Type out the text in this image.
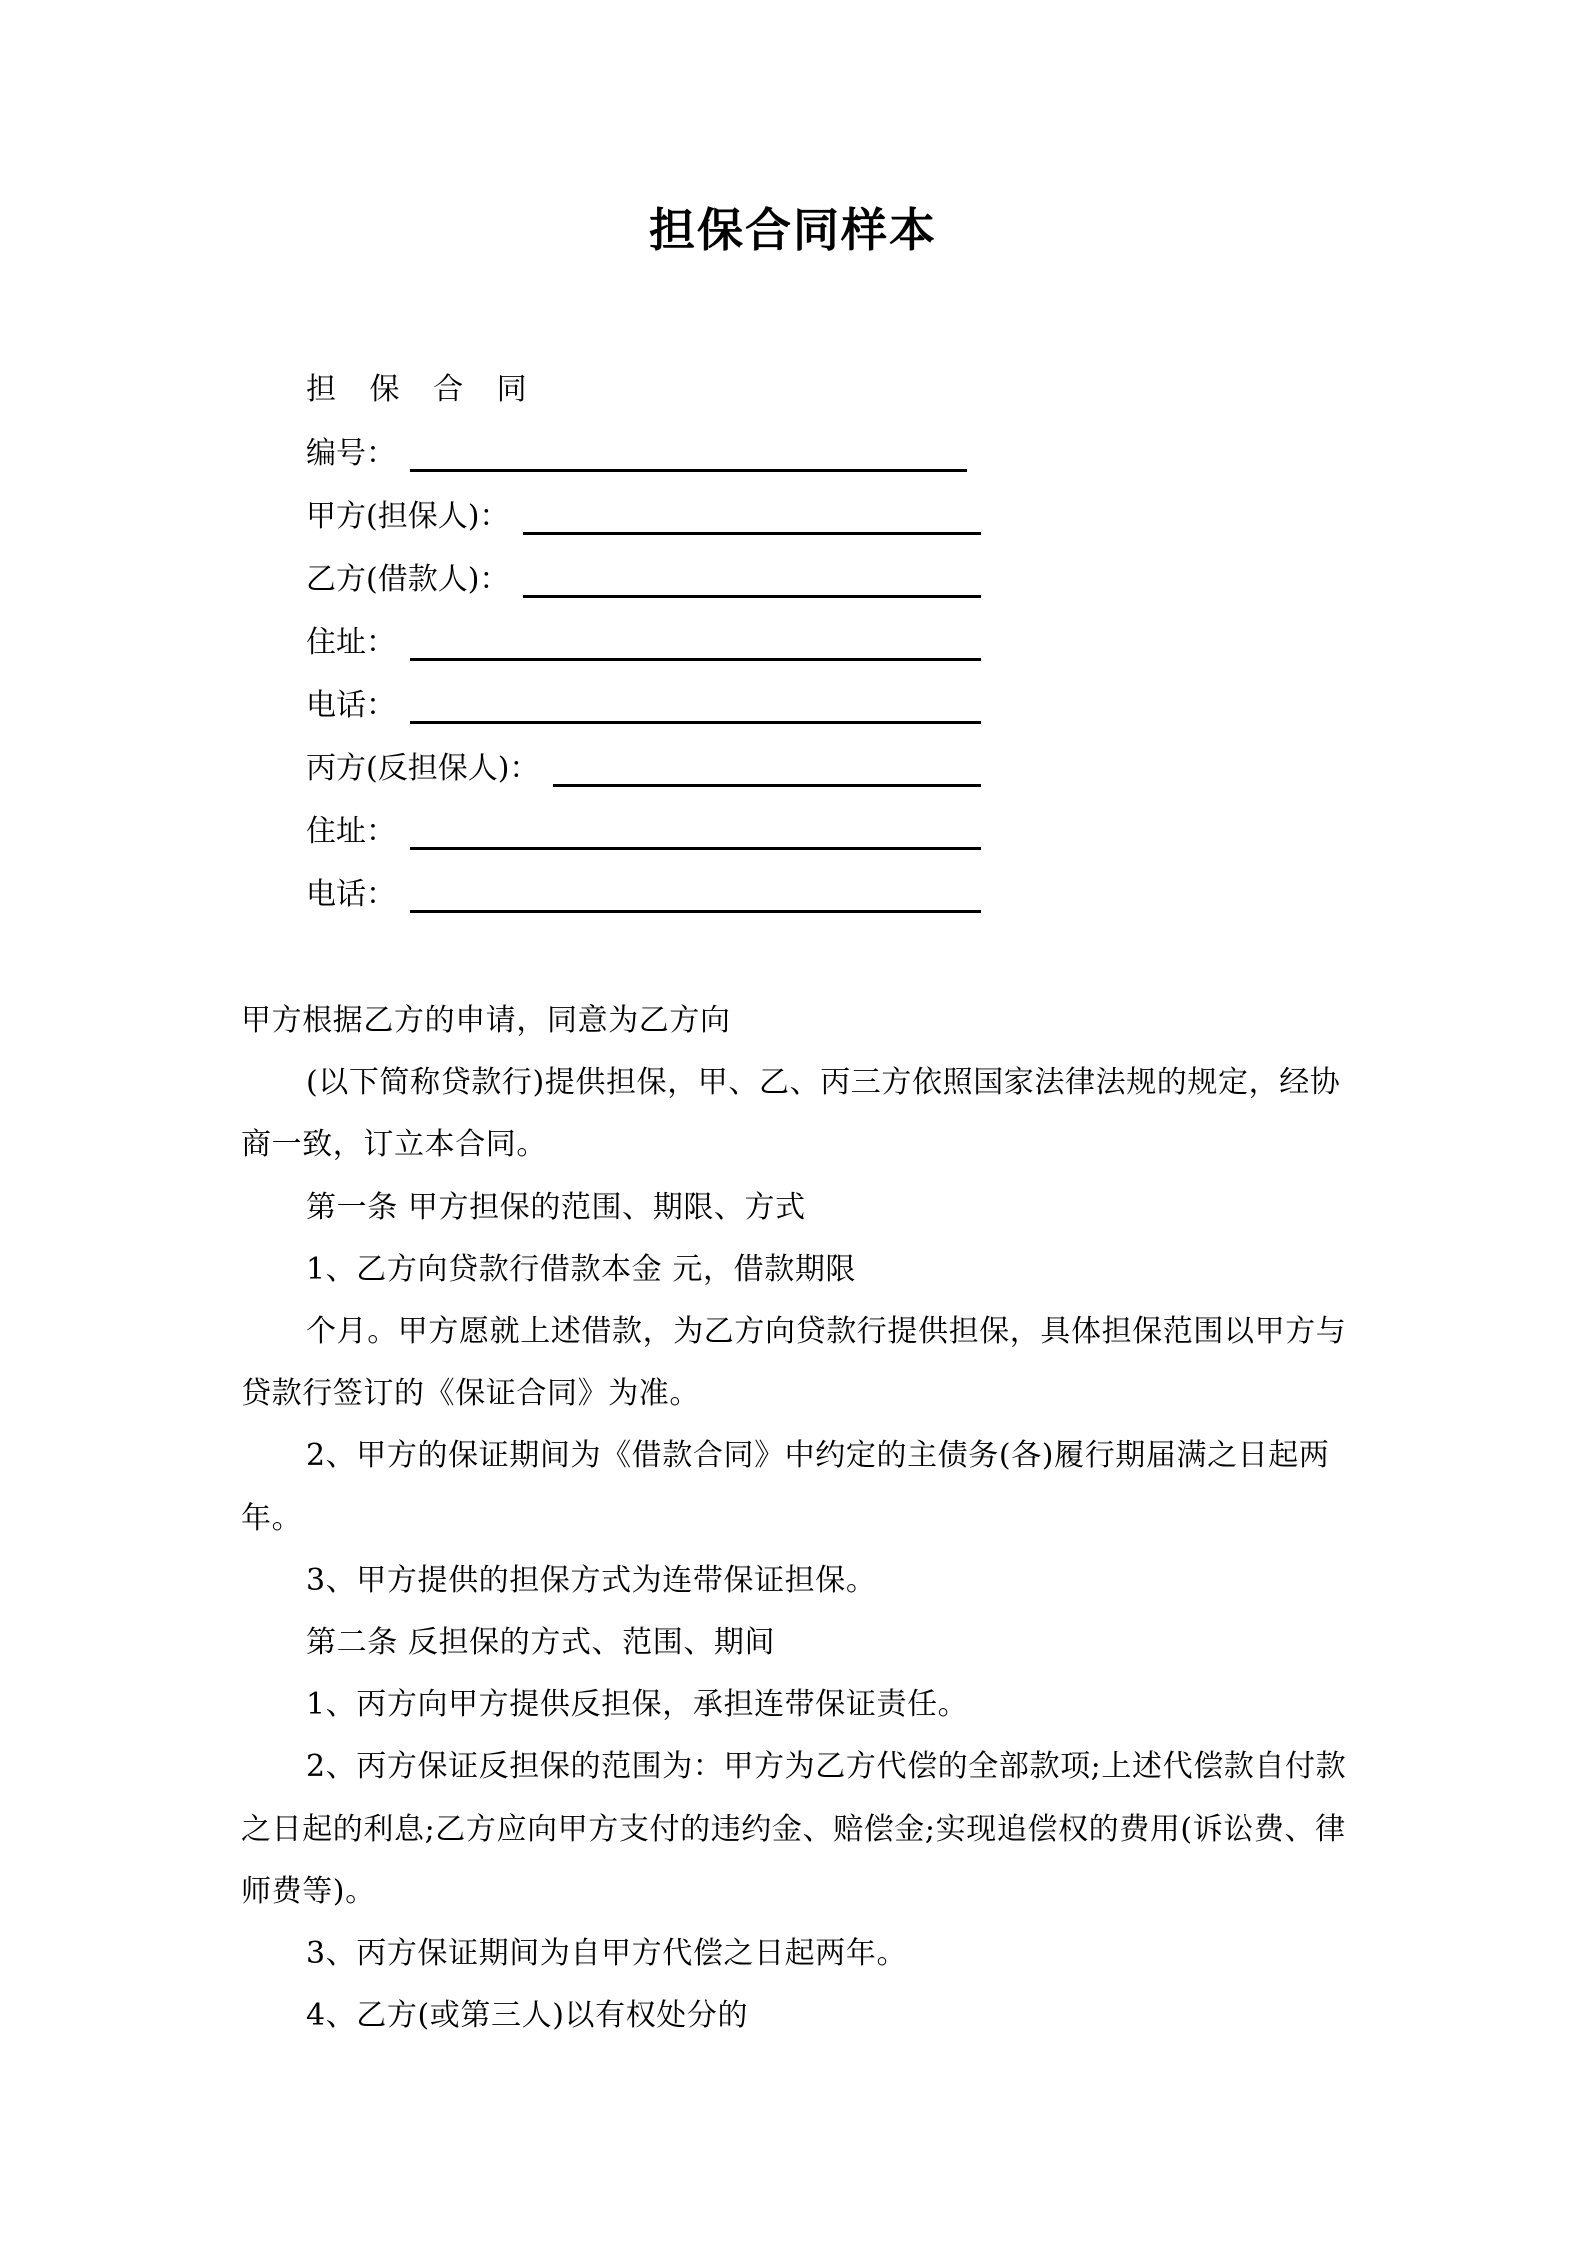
担保合同样本
担 保 合 同
编号：
甲方(担保人)：
乙方(借款人)：
住址：
电话：
丙方(反担保人)：
住址：
电话：

甲方根据乙方的申请，同意为乙方向

(以下简称贷款行)提供担保，甲、乙、丙三方依照国家法律法规的规定，经协商一致，订立本合同。

第一条 甲方担保的范围、期限、方式

1、乙方向贷款行借款本金 元，借款期限

个月。甲方愿就上述借款，为乙方向贷款行提供担保，具体担保范围以甲方与贷款行签订的《保证合同》为准。

2、甲方的保证期间为《借款合同》中约定的主债务(各)履行期届满之日起两年。

3、甲方提供的担保方式为连带保证担保。

第二条 反担保的方式、范围、期间

1、丙方向甲方提供反担保，承担连带保证责任。

2、丙方保证反担保的范围为：甲方为乙方代偿的全部款项;上述代偿款自付款之日起的利息;乙方应向甲方支付的违约金、赔偿金;实现追偿权的费用(诉讼费、律师费等)。

3、丙方保证期间为自甲方代偿之日起两年。

4、乙方(或第三人)以有权处分的
